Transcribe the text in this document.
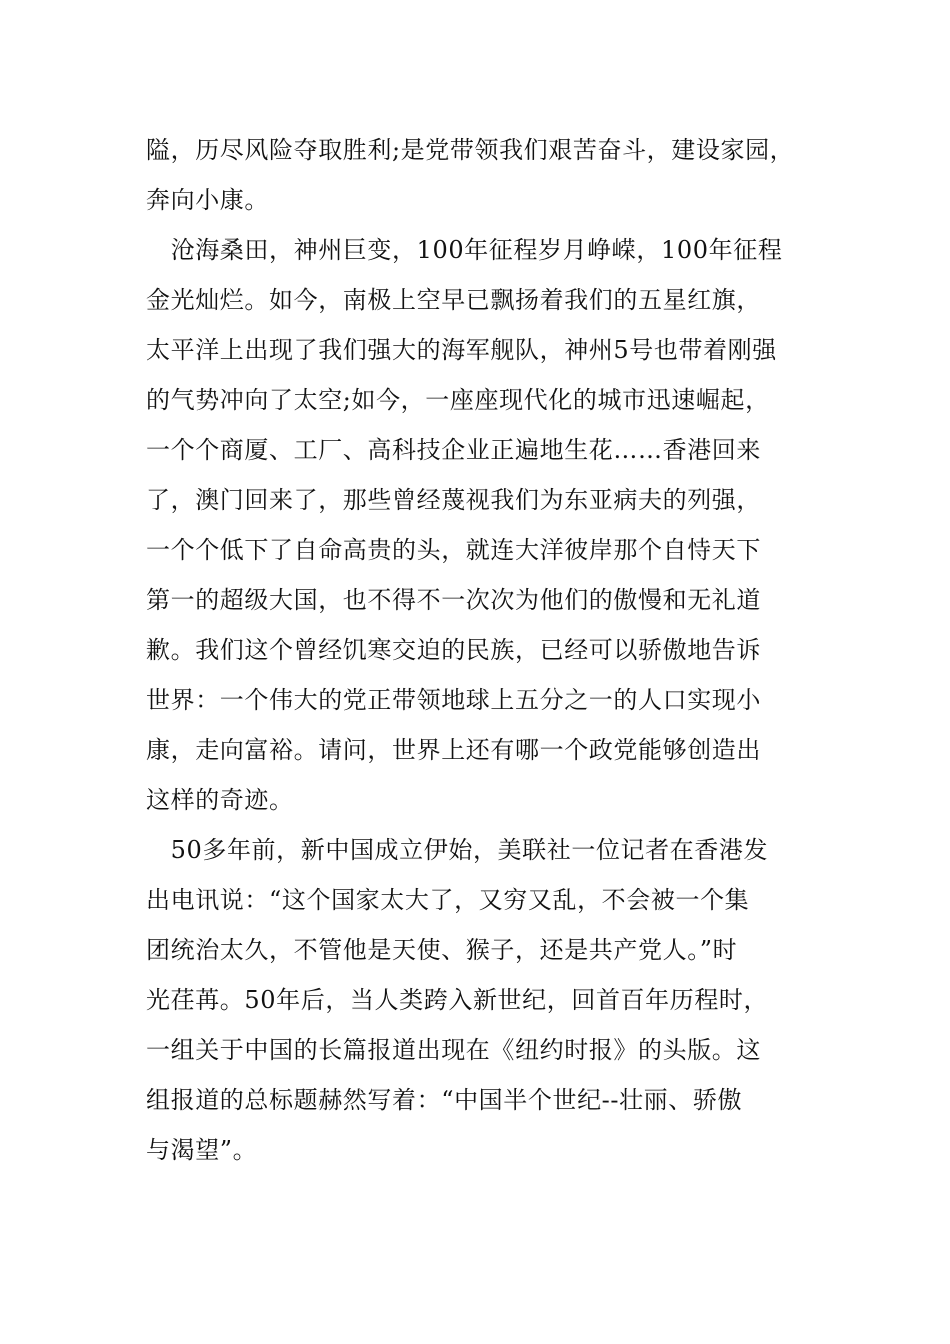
隘，历尽风险夺取胜利;是党带领我们艰苦奋斗，建设家园，
奔向小康。
　沧海桑田，神州巨变，100年征程岁月峥嵘，100年征程
金光灿烂。如今，南极上空早已飘扬着我们的五星红旗，
太平洋上出现了我们强大的海军舰队，神州5号也带着刚强
的气势冲向了太空;如今，一座座现代化的城市迅速崛起，
一个个商厦、工厂、高科技企业正遍地生花……香港回来
了，澳门回来了，那些曾经蔑视我们为东亚病夫的列强，
一个个低下了自命高贵的头，就连大洋彼岸那个自恃天下
第一的超级大国，也不得不一次次为他们的傲慢和无礼道
歉。我们这个曾经饥寒交迫的民族，已经可以骄傲地告诉
世界：一个伟大的党正带领地球上五分之一的人口实现小
康，走向富裕。请问，世界上还有哪一个政党能够创造出
这样的奇迹。
　50多年前，新中国成立伊始，美联社一位记者在香港发
出电讯说：“这个国家太大了，又穷又乱，不会被一个集
团统治太久，不管他是天使、猴子，还是共产党人。”时
光荏苒。50年后，当人类跨入新世纪，回首百年历程时，
一组关于中国的长篇报道出现在《纽约时报》的头版。这
组报道的总标题赫然写着：“中国半个世纪--壮丽、骄傲
与渴望”。
